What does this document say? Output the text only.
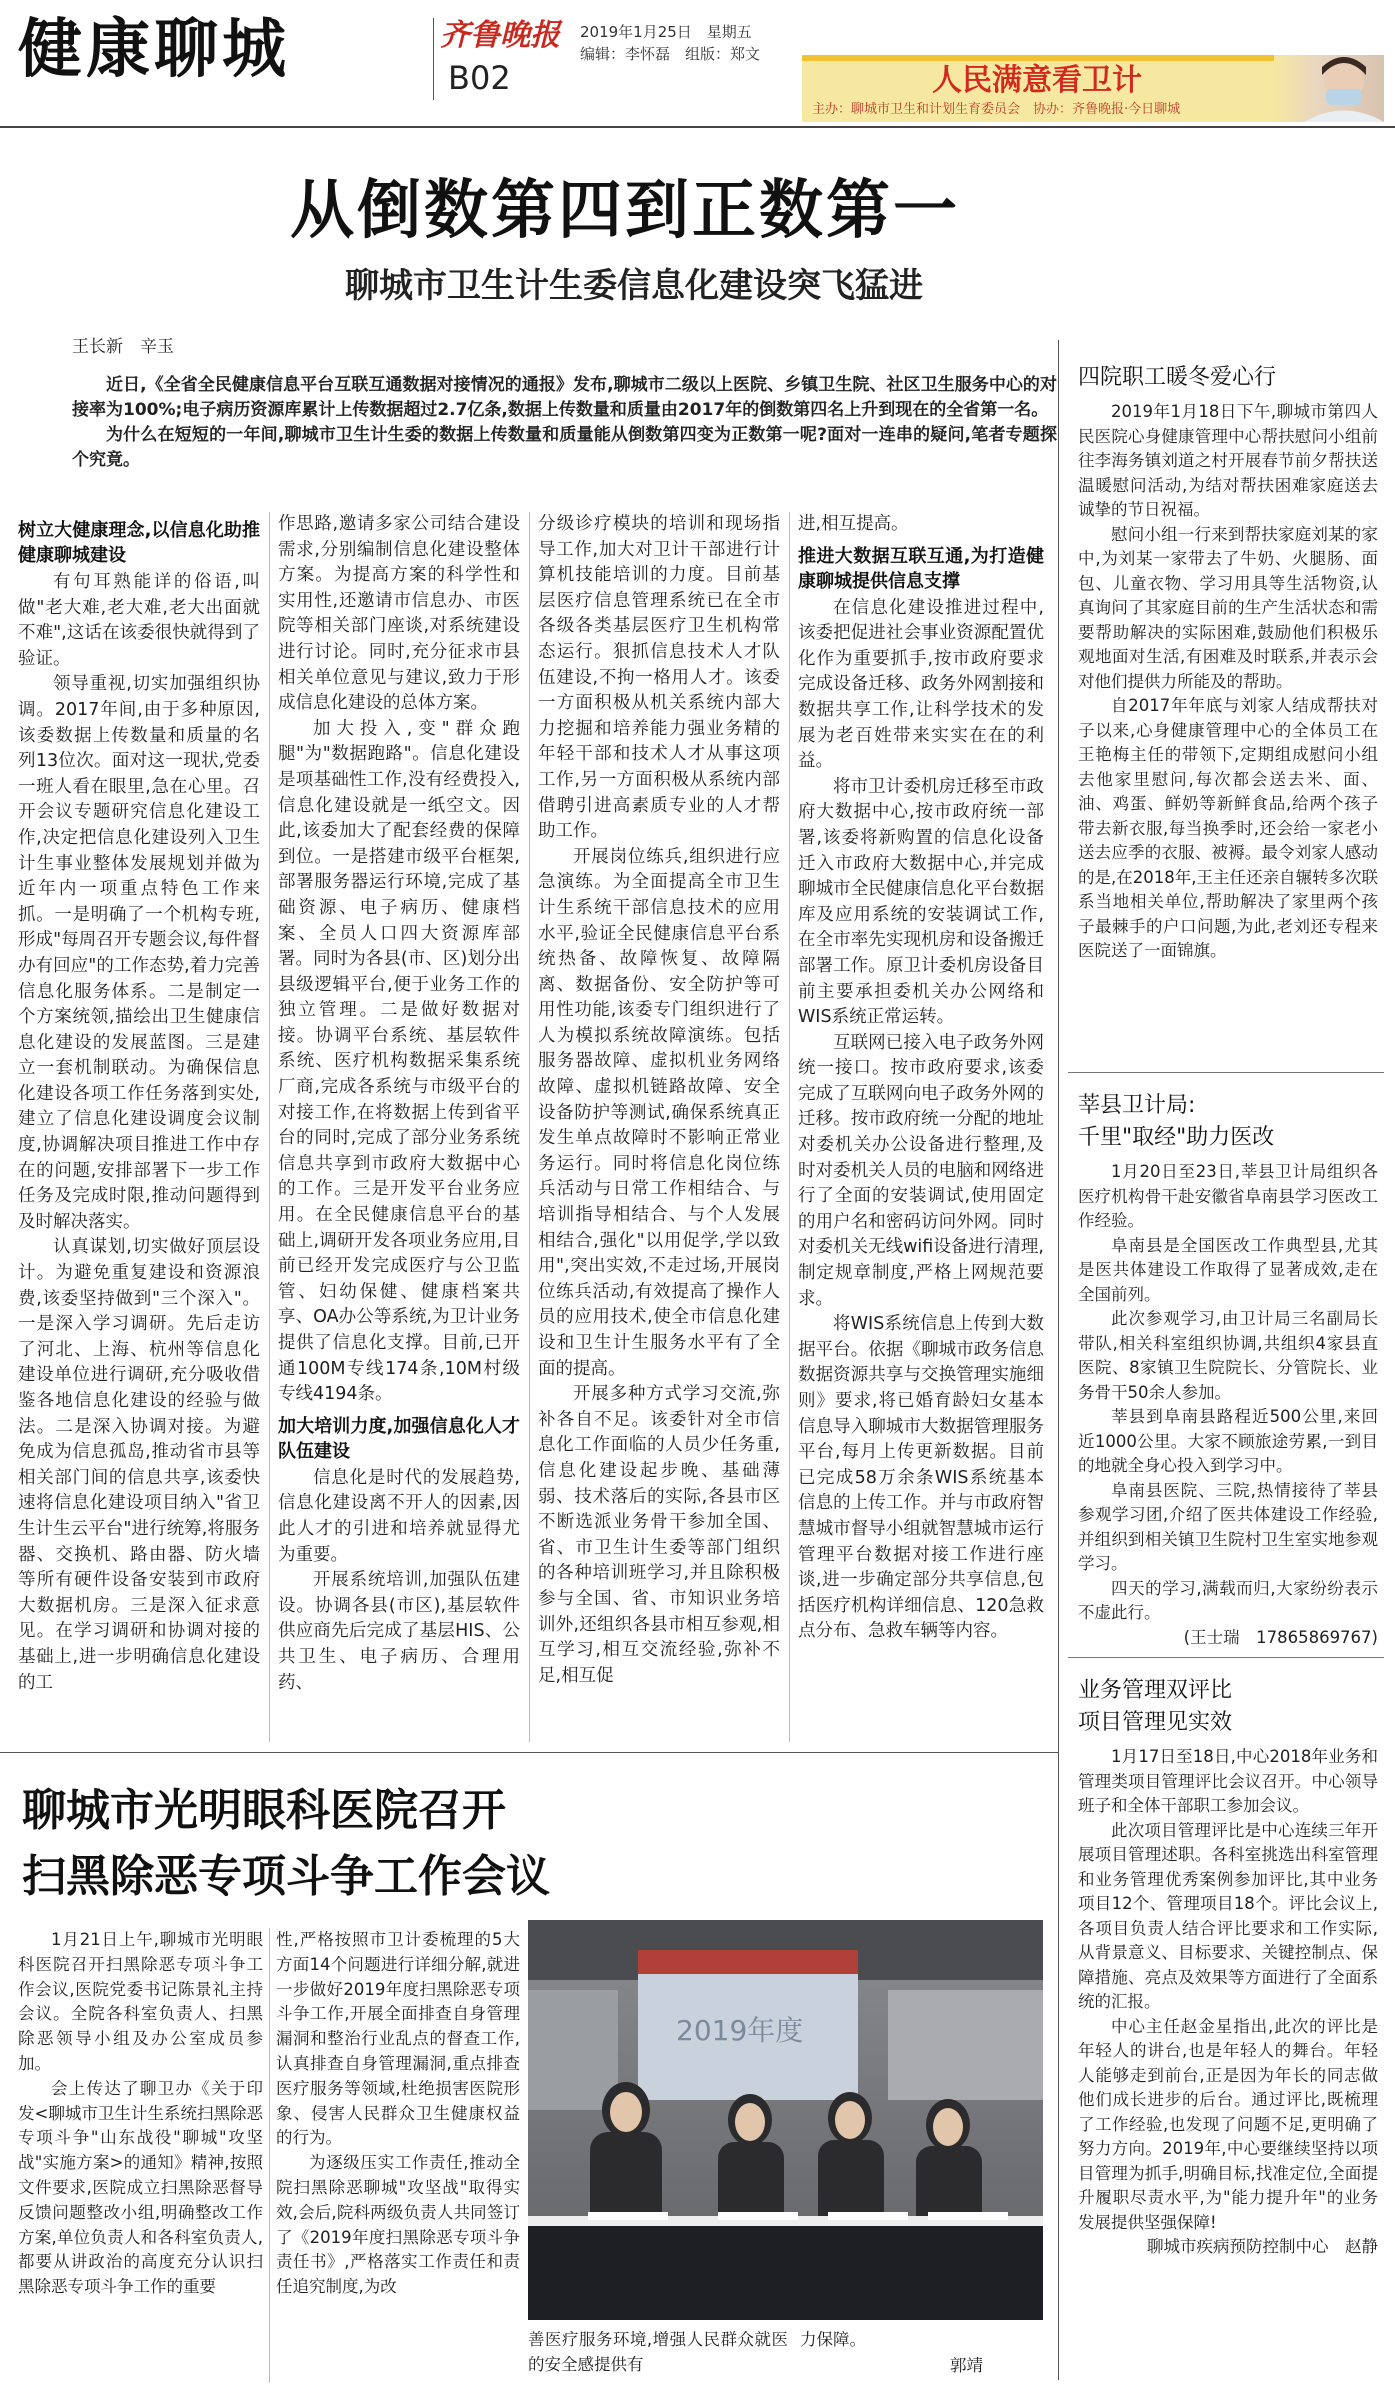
健康聊城	齐鲁晚报
B02
2019年1月25日　星期五
编辑：李怀磊　组版：郑文
人民满意看卫计
主办：聊城市卫生和计划生育委员会　协办：齐鲁晚报·今日聊城
从倒数第四到正数第一
聊城市卫生计生委信息化建设突飞猛进
王长新　辛玉

近日,《全省全民健康信息平台互联互通数据对接情况的通报》发布,聊城市二级以上医院、乡镇卫生院、社区卫生服务中心的对接率为100%;电子病历资源库累计上传数据超过2.7亿条,数据上传数量和质量由2017年的倒数第四名上升到现在的全省第一名。

为什么在短短的一年间,聊城市卫生计生委的数据上传数量和质量能从倒数第四变为正数第一呢?面对一连串的疑问,笔者专题探个究竟。

树立大健康理念,以信息化助推健康聊城建设

有句耳熟能详的俗语,叫做"老大难,老大难,老大出面就不难",这话在该委很快就得到了验证。

领导重视,切实加强组织协调。2017年间,由于多种原因,该委数据上传数量和质量的名列13位次。面对这一现状,党委一班人看在眼里,急在心里。召开会议专题研究信息化建设工作,决定把信息化建设列入卫生计生事业整体发展规划并做为近年内一项重点特色工作来抓。一是明确了一个机构专班,形成"每周召开专题会议,每件督办有回应"的工作态势,着力完善信息化服务体系。二是制定一个方案统领,描绘出卫生健康信息化建设的发展蓝图。三是建立一套机制联动。为确保信息化建设各项工作任务落到实处,建立了信息化建设调度会议制度,协调解决项目推进工作中存在的问题,安排部署下一步工作任务及完成时限,推动问题得到及时解决落实。

认真谋划,切实做好顶层设计。为避免重复建设和资源浪费,该委坚持做到"三个深入"。一是深入学习调研。先后走访了河北、上海、杭州等信息化建设单位进行调研,充分吸收借鉴各地信息化建设的经验与做法。二是深入协调对接。为避免成为信息孤岛,推动省市县等相关部门间的信息共享,该委快速将信息化建设项目纳入"省卫生计生云平台"进行统筹,将服务器、交换机、路由器、防火墙等所有硬件设备安装到市政府大数据机房。三是深入征求意见。在学习调研和协调对接的基础上,进一步明确信息化建设的工

作思路,邀请多家公司结合建设需求,分别编制信息化建设整体方案。为提高方案的科学性和实用性,还邀请市信息办、市医院等相关部门座谈,对系统建设进行讨论。同时,充分征求市县相关单位意见与建议,致力于形成信息化建设的总体方案。

加大投入,变"群众跑腿"为"数据跑路"。信息化建设是项基础性工作,没有经费投入,信息化建设就是一纸空文。因此,该委加大了配套经费的保障到位。一是搭建市级平台框架,部署服务器运行环境,完成了基础资源、电子病历、健康档案、全员人口四大资源库部署。同时为各县(市、区)划分出县级逻辑平台,便于业务工作的独立管理。二是做好数据对接。协调平台系统、基层软件系统、医疗机构数据采集系统厂商,完成各系统与市级平台的对接工作,在将数据上传到省平台的同时,完成了部分业务系统信息共享到市政府大数据中心的工作。三是开发平台业务应用。在全民健康信息平台的基础上,调研开发各项业务应用,目前已经开发完成医疗与公卫监管、妇幼保健、健康档案共享、OA办公等系统,为卫计业务提供了信息化支撑。目前,已开通100M专线174条,10M村级专线4194条。

加大培训力度,加强信息化人才队伍建设

信息化是时代的发展趋势,信息化建设离不开人的因素,因此人才的引进和培养就显得尤为重要。

开展系统培训,加强队伍建设。协调各县(市区),基层软件供应商先后完成了基层HIS、公共卫生、电子病历、合理用药、

分级诊疗模块的培训和现场指导工作,加大对卫计干部进行计算机技能培训的力度。目前基层医疗信息管理系统已在全市各级各类基层医疗卫生机构常态运行。狠抓信息技术人才队伍建设,不拘一格用人才。该委一方面积极从机关系统内部大力挖掘和培养能力强业务精的年轻干部和技术人才从事这项工作,另一方面积极从系统内部借聘引进高素质专业的人才帮助工作。

开展岗位练兵,组织进行应急演练。为全面提高全市卫生计生系统干部信息技术的应用水平,验证全民健康信息平台系统热备、故障恢复、故障隔离、数据备份、安全防护等可用性功能,该委专门组织进行了人为模拟系统故障演练。包括服务器故障、虚拟机业务网络故障、虚拟机链路故障、安全设备防护等测试,确保系统真正发生单点故障时不影响正常业务运行。同时将信息化岗位练兵活动与日常工作相结合、与培训指导相结合、与个人发展相结合,强化"以用促学,学以致用",突出实效,不走过场,开展岗位练兵活动,有效提高了操作人员的应用技术,使全市信息化建设和卫生计生服务水平有了全面的提高。

开展多种方式学习交流,弥补各自不足。该委针对全市信息化工作面临的人员少任务重,信息化建设起步晚、基础薄弱、技术落后的实际,各县市区不断选派业务骨干参加全国、省、市卫生计生委等部门组织的各种培训班学习,并且除积极参与全国、省、市知识业务培训外,还组织各县市相互参观,相互学习,相互交流经验,弥补不足,相互促

进,相互提高。

推进大数据互联互通,为打造健康聊城提供信息支撑

在信息化建设推进过程中,该委把促进社会事业资源配置优化作为重要抓手,按市政府要求完成设备迁移、政务外网割接和数据共享工作,让科学技术的发展为老百姓带来实实在在的利益。

将市卫计委机房迁移至市政府大数据中心,按市政府统一部署,该委将新购置的信息化设备迁入市政府大数据中心,并完成聊城市全民健康信息化平台数据库及应用系统的安装调试工作,在全市率先实现机房和设备搬迁部署工作。原卫计委机房设备目前主要承担委机关办公网络和WIS系统正常运转。

互联网已接入电子政务外网统一接口。按市政府要求,该委完成了互联网向电子政务外网的迁移。按市政府统一分配的地址对委机关办公设备进行整理,及时对委机关人员的电脑和网络进行了全面的安装调试,使用固定的用户名和密码访问外网。同时对委机关无线wifi设备进行清理,制定规章制度,严格上网规范要求。

将WIS系统信息上传到大数据平台。依据《聊城市政务信息数据资源共享与交换管理实施细则》要求,将已婚育龄妇女基本信息导入聊城市大数据管理服务平台,每月上传更新数据。目前已完成58万余条WIS系统基本信息的上传工作。并与市政府智慧城市督导小组就智慧城市运行管理平台数据对接工作进行座谈,进一步确定部分共享信息,包括医疗机构详细信息、120急救点分布、急救车辆等内容。

四院职工暖冬爱心行

2019年1月18日下午,聊城市第四人民医院心身健康管理中心帮扶慰问小组前往李海务镇刘道之村开展春节前夕帮扶送温暖慰问活动,为结对帮扶困难家庭送去诚挚的节日祝福。

慰问小组一行来到帮扶家庭刘某的家中,为刘某一家带去了牛奶、火腿肠、面包、儿童衣物、学习用具等生活物资,认真询问了其家庭目前的生产生活状态和需要帮助解决的实际困难,鼓励他们积极乐观地面对生活,有困难及时联系,并表示会对他们提供力所能及的帮助。

自2017年年底与刘家人结成帮扶对子以来,心身健康管理中心的全体员工在王艳梅主任的带领下,定期组成慰问小组去他家里慰问,每次都会送去米、面、油、鸡蛋、鲜奶等新鲜食品,给两个孩子带去新衣服,每当换季时,还会给一家老小送去应季的衣服、被褥。最令刘家人感动的是,在2018年,王主任还亲自辗转多次联系当地相关单位,帮助解决了家里两个孩子最棘手的户口问题,为此,老刘还专程来医院送了一面锦旗。

莘县卫计局:
千里"取经"助力医改

1月20日至23日,莘县卫计局组织各医疗机构骨干赴安徽省阜南县学习医改工作经验。

阜南县是全国医改工作典型县,尤其是医共体建设工作取得了显著成效,走在全国前列。

此次参观学习,由卫计局三名副局长带队,相关科室组织协调,共组织4家县直医院、8家镇卫生院院长、分管院长、业务骨干50余人参加。

莘县到阜南县路程近500公里,来回近1000公里。大家不顾旅途劳累,一到目的地就全身心投入到学习中。

阜南县医院、三院,热情接待了莘县参观学习团,介绍了医共体建设工作经验,并组织到相关镇卫生院村卫生室实地参观学习。

四天的学习,满载而归,大家纷纷表示不虚此行。

(王士瑞　17865869767)

业务管理双评比
项目管理见实效

1月17日至18日,中心2018年业务和管理类项目管理评比会议召开。中心领导班子和全体干部职工参加会议。

此次项目管理评比是中心连续三年开展项目管理述职。各科室挑选出科室管理和业务管理优秀案例参加评比,其中业务项目12个、管理项目18个。评比会议上,各项目负责人结合评比要求和工作实际,从背景意义、目标要求、关键控制点、保障措施、亮点及效果等方面进行了全面系统的汇报。

中心主任赵金星指出,此次的评比是年轻人的讲台,也是年轻人的舞台。年轻人能够走到前台,正是因为年长的同志做他们成长进步的后台。通过评比,既梳理了工作经验,也发现了问题不足,更明确了努力方向。2019年,中心要继续坚持以项目管理为抓手,明确目标,找准定位,全面提升履职尽责水平,为"能力提升年"的业务发展提供坚强保障!

聊城市疾病预防控制中心　赵静

聊城市光明眼科医院召开
扫黑除恶专项斗争工作会议

1月21日上午,聊城市光明眼科医院召开扫黑除恶专项斗争工作会议,医院党委书记陈景礼主持会议。全院各科室负责人、扫黑除恶领导小组及办公室成员参加。

会上传达了聊卫办《关于印发<聊城市卫生计生系统扫黑除恶专项斗争"山东战役"聊城"攻坚战"实施方案>的通知》精神,按照文件要求,医院成立扫黑除恶督导反馈问题整改小组,明确整改工作方案,单位负责人和各科室负责人,都要从讲政治的高度充分认识扫黑除恶专项斗争工作的重要

性,严格按照市卫计委梳理的5大方面14个问题进行详细分解,就进一步做好2019年度扫黑除恶专项斗争工作,开展全面排查自身管理漏洞和整治行业乱点的督查工作,认真排查自身管理漏洞,重点排查医疗服务等领域,杜绝损害医院形象、侵害人民群众卫生健康权益的行为。

为逐级压实工作责任,推动全院扫黑除恶聊城"攻坚战"取得实效,会后,院科两级负责人共同签订了《2019年度扫黑除恶专项斗争责任书》,严格落实工作责任和责任追究制度,为改

2019年度
善医疗服务环境,增强人民群众就医的安全感提供有
力保障。
郭靖
